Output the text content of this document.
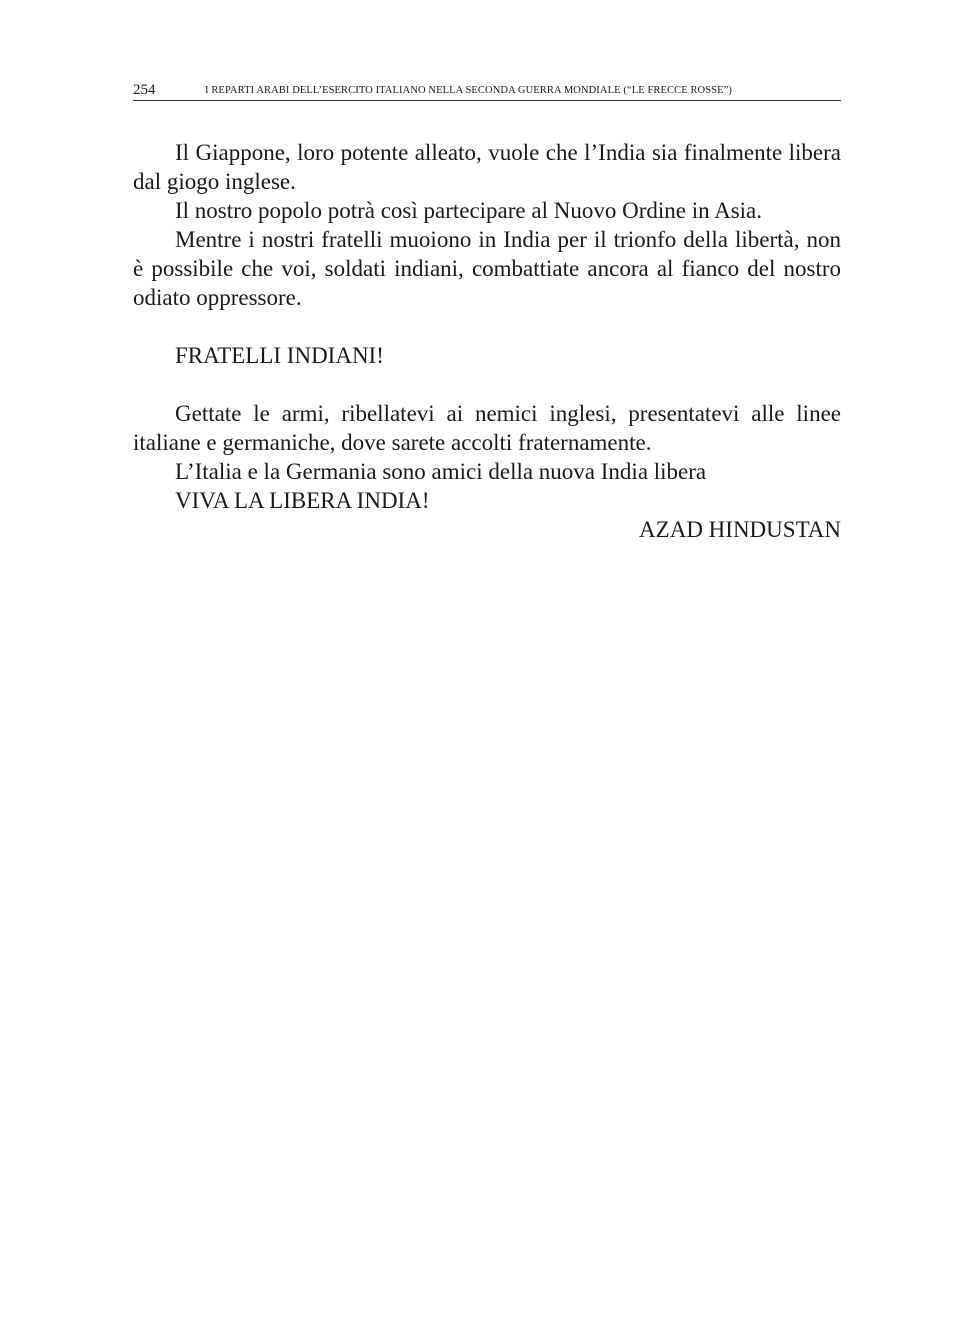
254	I REPARTI ARABI DELL’ESERCITO ITALIANO NELLA SECONDA GUERRA MONDIALE (“LE FRECCE ROSSE”)

Il Giappone, loro potente alleato, vuole che l’India sia finalmente libera dal giogo inglese.

Il nostro popolo potrà così partecipare al Nuovo Ordine in Asia.

Mentre i nostri fratelli muoiono in India per il trionfo della libertà, non è possibile che voi, soldati indiani, combattiate ancora al fianco del nostro odiato oppressore.

FRATELLI INDIANI!

Gettate le armi, ribellatevi ai nemici inglesi, presentatevi alle linee italiane e germaniche, dove sarete accolti fraternamente.

L’Italia e la Germania sono amici della nuova India libera

VIVA LA LIBERA INDIA!

AZAD HINDUSTAN
